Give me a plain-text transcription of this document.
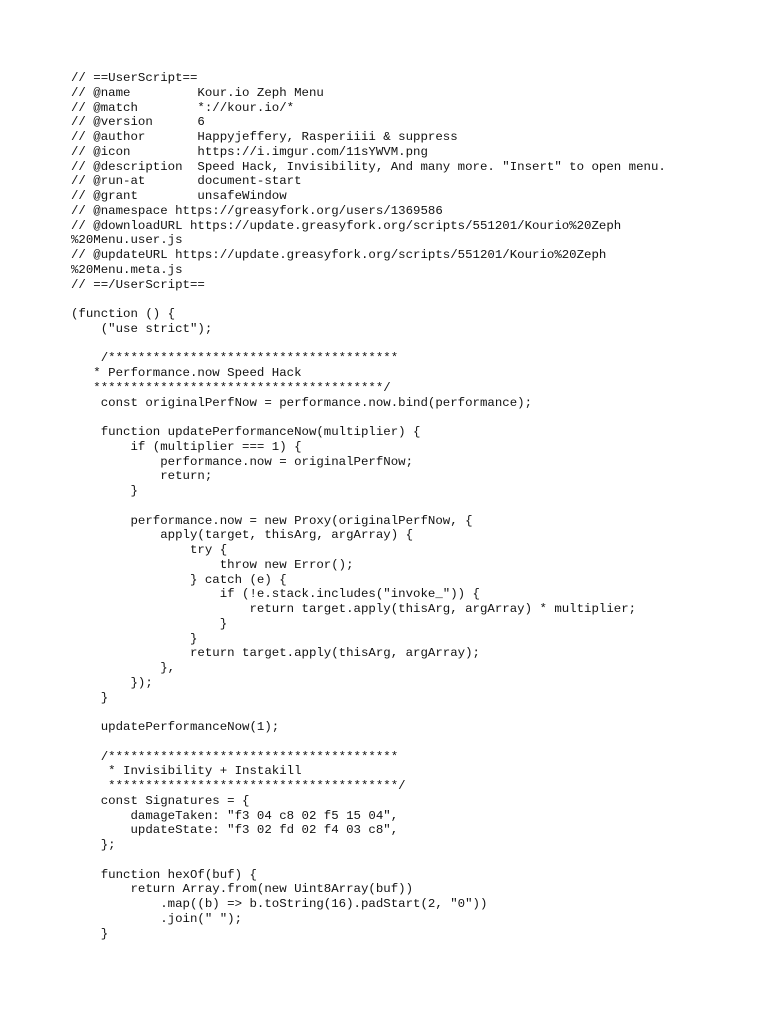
// ==UserScript==
// @name         Kour.io Zeph Menu
// @match        *://kour.io/*
// @version      6
// @author       Happyjeffery, Rasperiiii & suppress
// @icon         https://i.imgur.com/11sYWVM.png
// @description  Speed Hack, Invisibility, And many more. "Insert" to open menu.
// @run-at       document-start
// @grant        unsafeWindow
// @namespace https://greasyfork.org/users/1369586
// @downloadURL https://update.greasyfork.org/scripts/551201/Kourio%20Zeph
%20Menu.user.js
// @updateURL https://update.greasyfork.org/scripts/551201/Kourio%20Zeph
%20Menu.meta.js
// ==/UserScript==
(function () {
("use strict");
/***************************************
* Performance.now Speed Hack
***************************************/
const originalPerfNow = performance.now.bind(performance);
function updatePerformanceNow(multiplier) {
if (multiplier === 1) {
performance.now = originalPerfNow;
return;
}
performance.now = new Proxy(originalPerfNow, {
apply(target, thisArg, argArray) {
try {
throw new Error();
} catch (e) {
if (!e.stack.includes("invoke_")) {
return target.apply(thisArg, argArray) * multiplier;
}
}
return target.apply(thisArg, argArray);
},
});
}
updatePerformanceNow(1);
/***************************************
* Invisibility + Instakill
***************************************/
const Signatures = {
damageTaken: "f3 04 c8 02 f5 15 04",
updateState: "f3 02 fd 02 f4 03 c8",
};
function hexOf(buf) {
return Array.from(new Uint8Array(buf))
.map((b) => b.toString(16).padStart(2, "0"))
.join(" ");
}
